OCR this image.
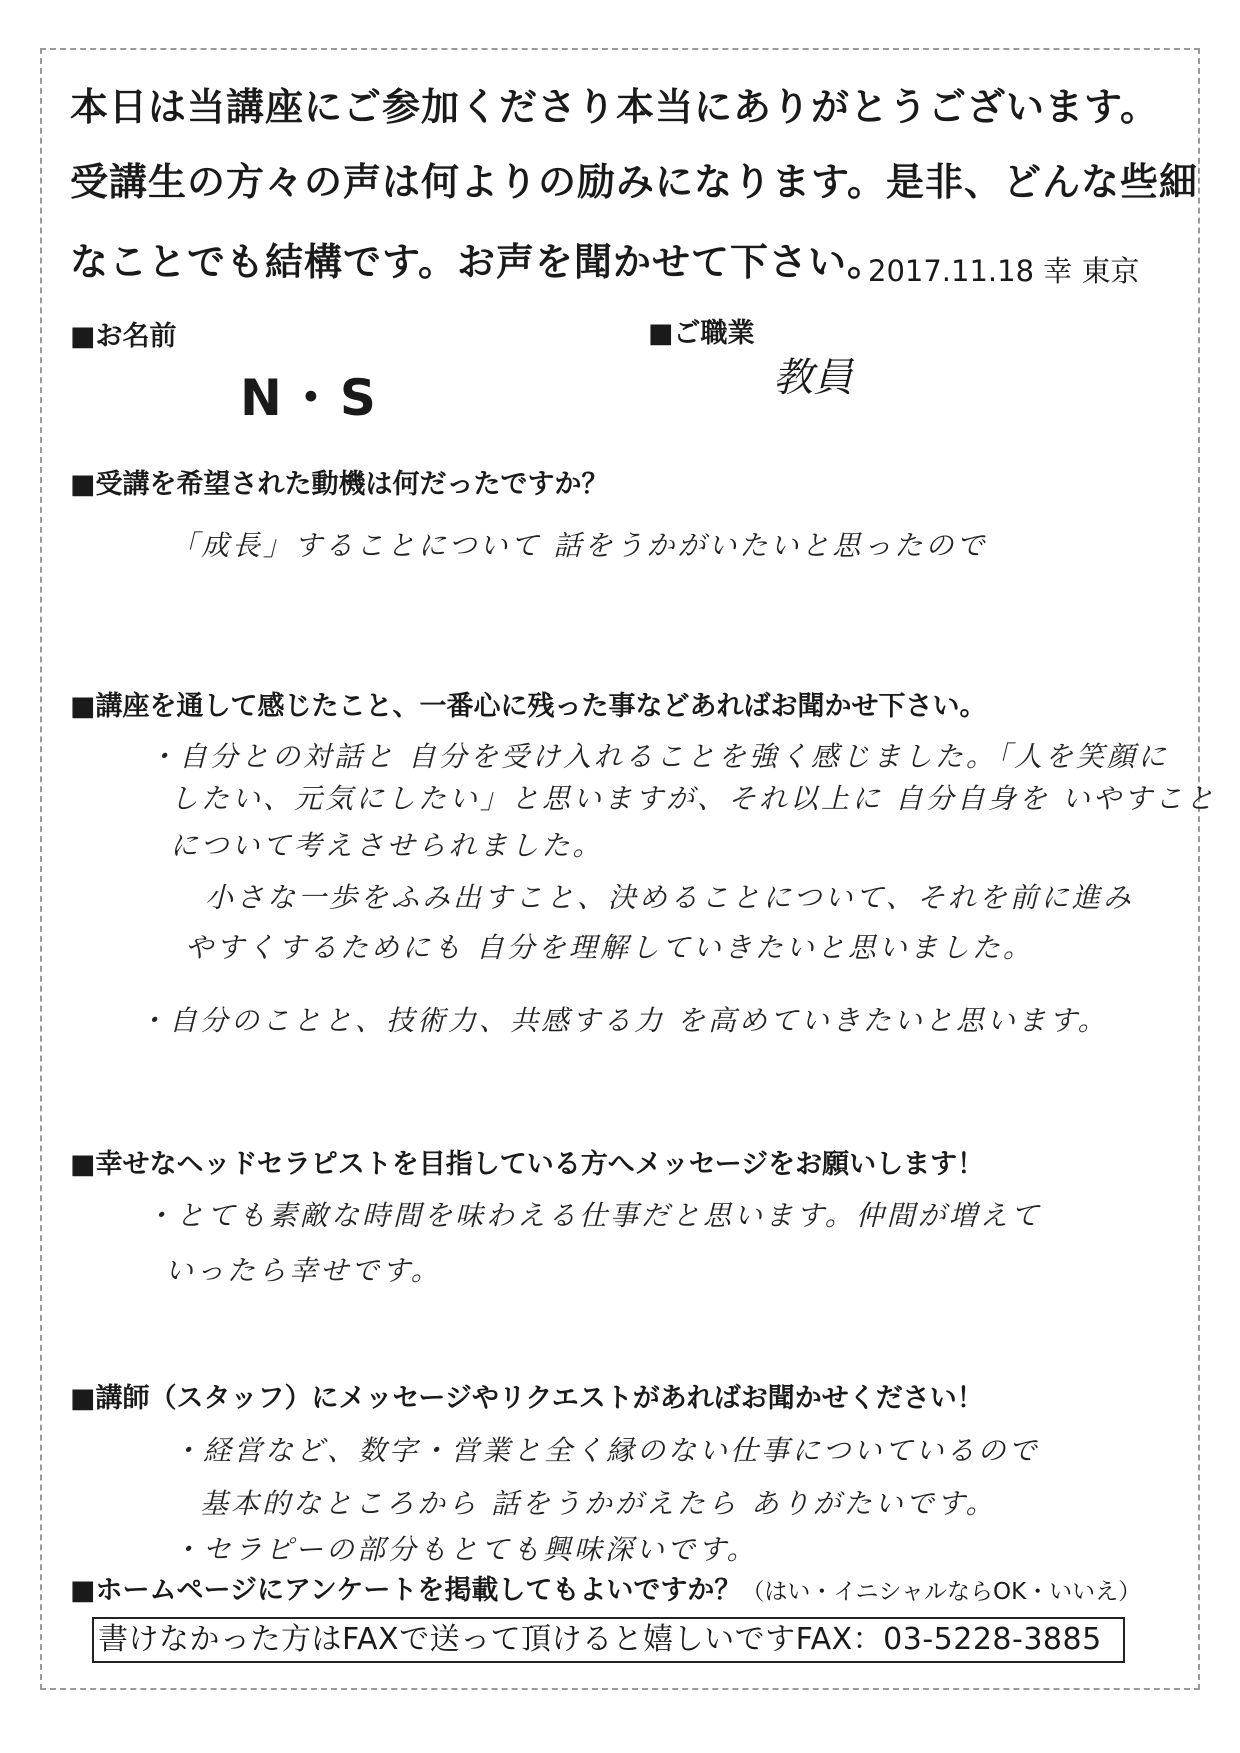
本日は当講座にご参加くださり本当にありがとうございます。
受講生の方々の声は何よりの励みになります。是非、どんな些細
なことでも結構です。お声を聞かせて下さい。
2017.11.18 幸 東京
■お名前
N・S
■ご職業
教員
■受講を希望された動機は何だったですか？
「成長」することについて 話をうかがいたいと思ったので
■講座を通して感じたこと、一番心に残った事などあればお聞かせ下さい。
・自分との対話と 自分を受け入れることを強く感じました。「人を笑顔に
したい、元気にしたい」と思いますが、それ以上に 自分自身を いやすこと
について考えさせられました。
小さな一歩をふみ出すこと、決めることについて、それを前に進み
やすくするためにも 自分を理解していきたいと思いました。
・自分のことと、技術力、共感する力 を高めていきたいと思います。
■幸せなヘッドセラピストを目指している方へメッセージをお願いします！
・とても素敵な時間を味わえる仕事だと思います。仲間が増えて
いったら幸せです。
■講師（スタッフ）にメッセージやリクエストがあればお聞かせください！
・経営など、数字・営業と全く縁のない仕事についているので
基本的なところから 話をうかがえたら ありがたいです。
・セラピーの部分もとても興味深いです。
■ホームページにアンケートを掲載してもよいですか？（はい・イニシャルならOK・いいえ）
書けなかった方はFAXで送って頂けると嬉しいですFAX：03-5228-3885
